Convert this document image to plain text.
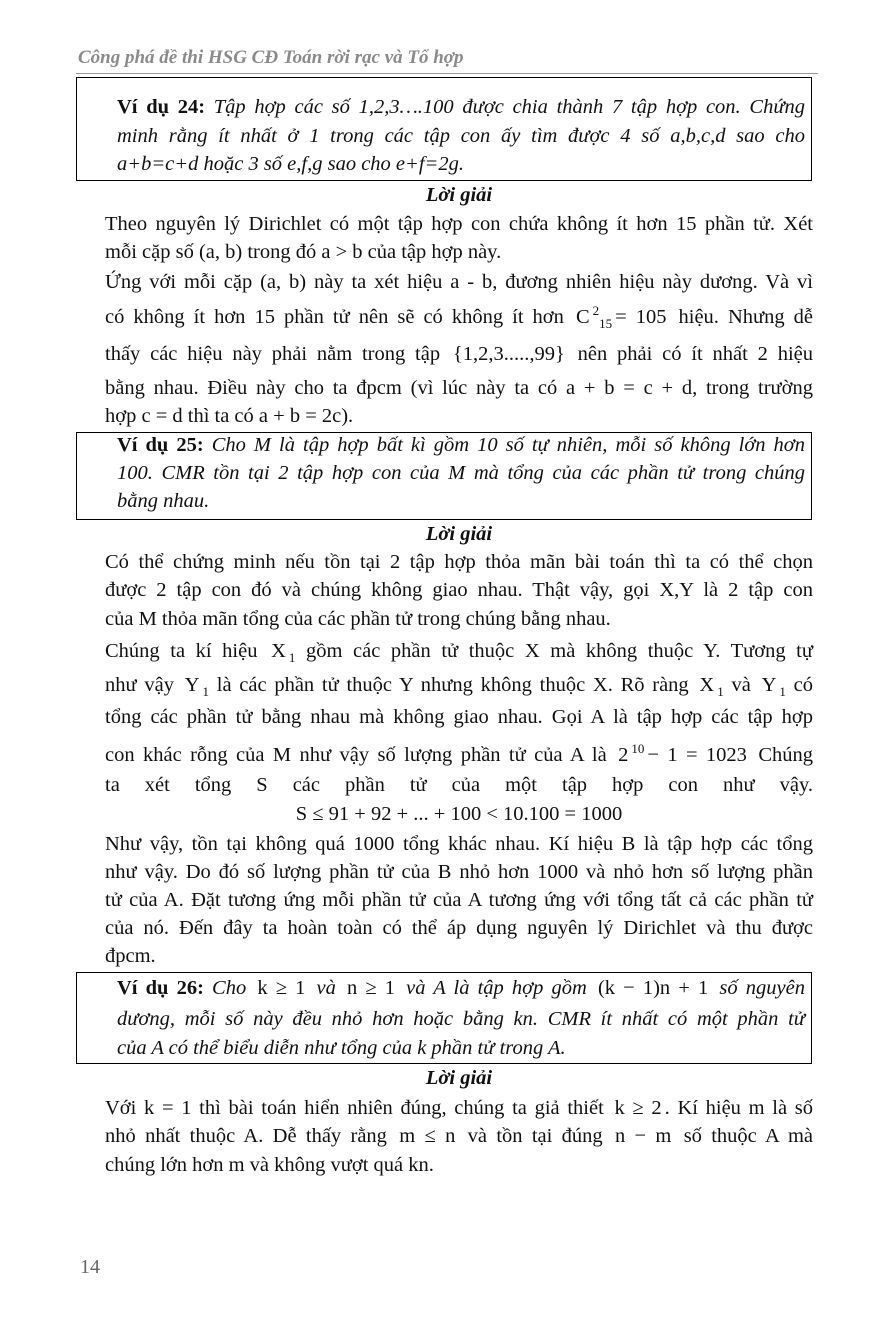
Công phá đề thi HSG CĐ Toán rời rạc và Tổ hợp
Ví dụ 24: Tập hợp các số 1,2,3….100 được chia thành 7 tập hợp con. Chứng
minh rằng ít nhất ở 1 trong các tập con ấy tìm được 4 số a,b,c,d sao cho
a+b=c+d hoặc 3 số e,f,g sao cho e+f=2g.
Lời giải
Theo nguyên lý Dirichlet có một tập hợp con chứa không ít hơn 15 phần tử. Xét
mỗi cặp số (a, b) trong đó a > b của tập hợp này.
Ứng với mỗi cặp (a, b) này ta xét hiệu a - b, đương nhiên hiệu này dương. Và vì
có không ít hơn 15 phần tử nên sẽ có không ít hơn C $^2_{15}$ = 105 hiệu. Nhưng dễ
thấy các hiệu này phải nằm trong tập {1,2,3.....,99} nên phải có ít nhất 2 hiệu
bằng nhau. Điều này cho ta đpcm (vì lúc này ta có a + b = c + d, trong trường
hợp c = d thì ta có a + b = 2c).
Ví dụ 25: Cho M là tập hợp bất kì gồm 10 số tự nhiên, mỗi số không lớn hơn
100. CMR tồn tại 2 tập hợp con của M mà tổng của các phần tử trong chúng
bằng nhau.
Lời giải
Có thể chứng minh nếu tồn tại 2 tập hợp thỏa mãn bài toán thì ta có thể chọn
được 2 tập con đó và chúng không giao nhau. Thật vậy, gọi X,Y là 2 tập con
của M thỏa mãn tổng của các phần tử trong chúng bằng nhau.
Chúng ta kí hiệu X $_1$ gồm các phần tử thuộc X mà không thuộc Y. Tương tự
như vậy Y $_1$ là các phần tử thuộc Y nhưng không thuộc X. Rõ ràng X $_1$ và Y $_1$ có
tổng các phần tử bằng nhau mà không giao nhau. Gọi A là tập hợp các tập hợp
con khác rỗng của M như vậy số lượng phần tử của A là 2 $^{10}$ − 1 = 1023 Chúng
ta xét tổng S các phần tử của một tập hợp con như vậy.
S ≤ 91 + 92 + ... + 100 < 10.100 = 1000
Như vậy, tồn tại không quá 1000 tổng khác nhau. Kí hiệu B là tập hợp các tổng
như vậy. Do đó số lượng phần tử của B nhỏ hơn 1000 và nhỏ hơn số lượng phần
tử của A. Đặt tương ứng mỗi phần tử của A tương ứng với tổng tất cả các phần tử
của nó. Đến đây ta hoàn toàn có thể áp dụng nguyên lý Dirichlet và thu được
đpcm.
Ví dụ 26: Cho k ≥ 1 và n ≥ 1 và A là tập hợp gồm (k − 1)n + 1 số nguyên
dương, mỗi số này đều nhỏ hơn hoặc bằng kn. CMR ít nhất có một phần tử
của A có thể biểu diễn như tổng của k phần tử trong A.
Lời giải
Với k = 1 thì bài toán hiển nhiên đúng, chúng ta giả thiết k ≥ 2 . Kí hiệu m là số
nhỏ nhất thuộc A. Dễ thấy rằng m ≤ n và tồn tại đúng n − m số thuộc A mà
chúng lớn hơn m và không vượt quá kn.
14
